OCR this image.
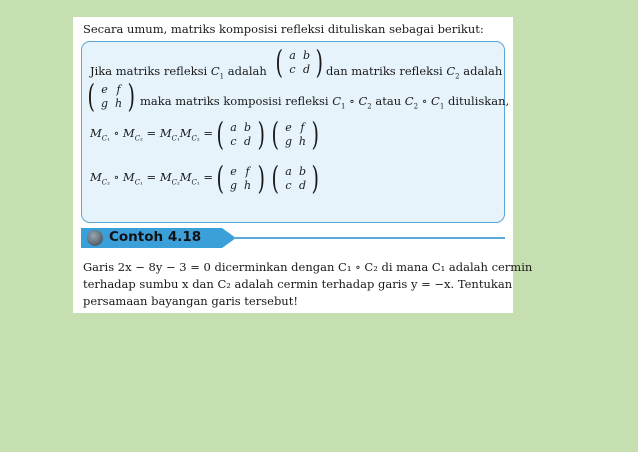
Secara umum, matriks komposisi refleksi dituliskan sebagai berikut:
Jika matriks refleksi $C_1$ adalah ( a b
c d ) dan matriks refleksi $C_2$ adalah
( e f
g h ) maka matriks komposisi refleksi $C_1$ ∘ $C_2$ atau $C_2$ ∘ $C_1$ dituliskan,
$M_{C_1}$ ∘ $M_{C_2} = M_{C_1}M_{C_2}$ = ( a b
c d ) ( e f
g h )
$M_{C_2}$ ∘ $M_{C_1} = M_{C_2}M_{C_1}$ = ( e f
g h ) ( a b
c d )
Contoh 4.18
Garis 2x − 8y − 3 = 0 dicerminkan dengan C₁ ∘ C₂ di mana C₁ adalah cermin
terhadap sumbu x dan C₂ adalah cermin terhadap garis y = −x. Tentukan
persamaan bayangan garis tersebut!
